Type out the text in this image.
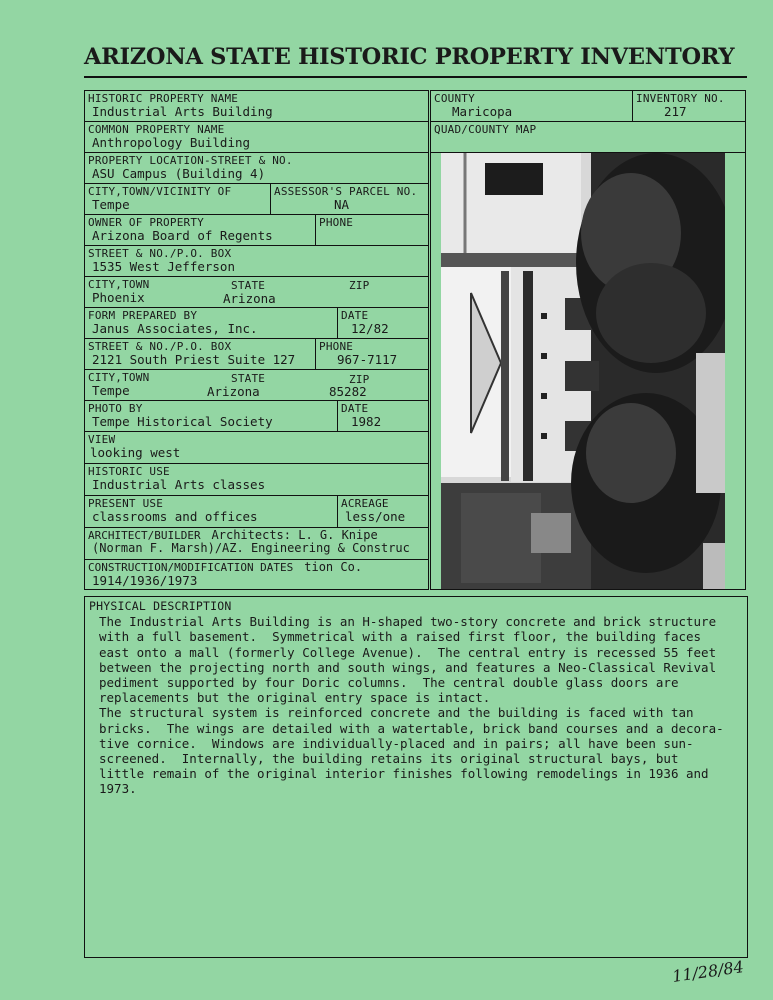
ARIZONA STATE HISTORIC PROPERTY INVENTORY
HISTORIC PROPERTY NAME
Industrial Arts Building
COMMON PROPERTY NAME
Anthropology Building
PROPERTY LOCATION-STREET & NO.
ASU Campus (Building 4)
CITY,TOWN/VICINITY OF
Tempe
ASSESSOR'S PARCEL NO.
NA
OWNER OF PROPERTY
Arizona Board of Regents
PHONE
STREET & NO./P.O. BOX
1535 West Jefferson
CITY,TOWN
Phoenix
STATE
Arizona
ZIP
FORM PREPARED BY
Janus Associates, Inc.
DATE
12/82
STREET & NO./P.O. BOX
2121 South Priest Suite 127
PHONE
967-7117
CITY,TOWN
Tempe
STATE
Arizona
ZIP
85282
PHOTO BY
Tempe Historical Society
DATE
1982
VIEW
looking west
HISTORIC USE
Industrial Arts classes
PRESENT USE
classrooms and offices
ACREAGE
less/one
ARCHITECT/BUILDER Architects: L. G. Knipe
(Norman F. Marsh)/AZ. Engineering & Construc
CONSTRUCTION/MODIFICATION DATES tion Co.
1914/1936/1973
COUNTY
Maricopa
INVENTORY NO.
217
QUAD/COUNTY MAP
PHYSICAL DESCRIPTION

The Industrial Arts Building is an H-shaped two-story concrete and brick structure
with a full basement.  Symmetrical with a raised first floor, the building faces
east onto a mall (formerly College Avenue).  The central entry is recessed 55 feet
between the projecting north and south wings, and features a Neo-Classical Revival
pediment supported by four Doric columns.  The central double glass doors are
replacements but the original entry space is intact.
The structural system is reinforced concrete and the building is faced with tan
bricks.  The wings are detailed with a watertable, brick band courses and a decora-
tive cornice.  Windows are individually-placed and in pairs; all have been sun-
screened.  Internally, the building retains its original structural bays, but
little remain of the original interior finishes following remodelings in 1936 and
1973.

11/28/84
